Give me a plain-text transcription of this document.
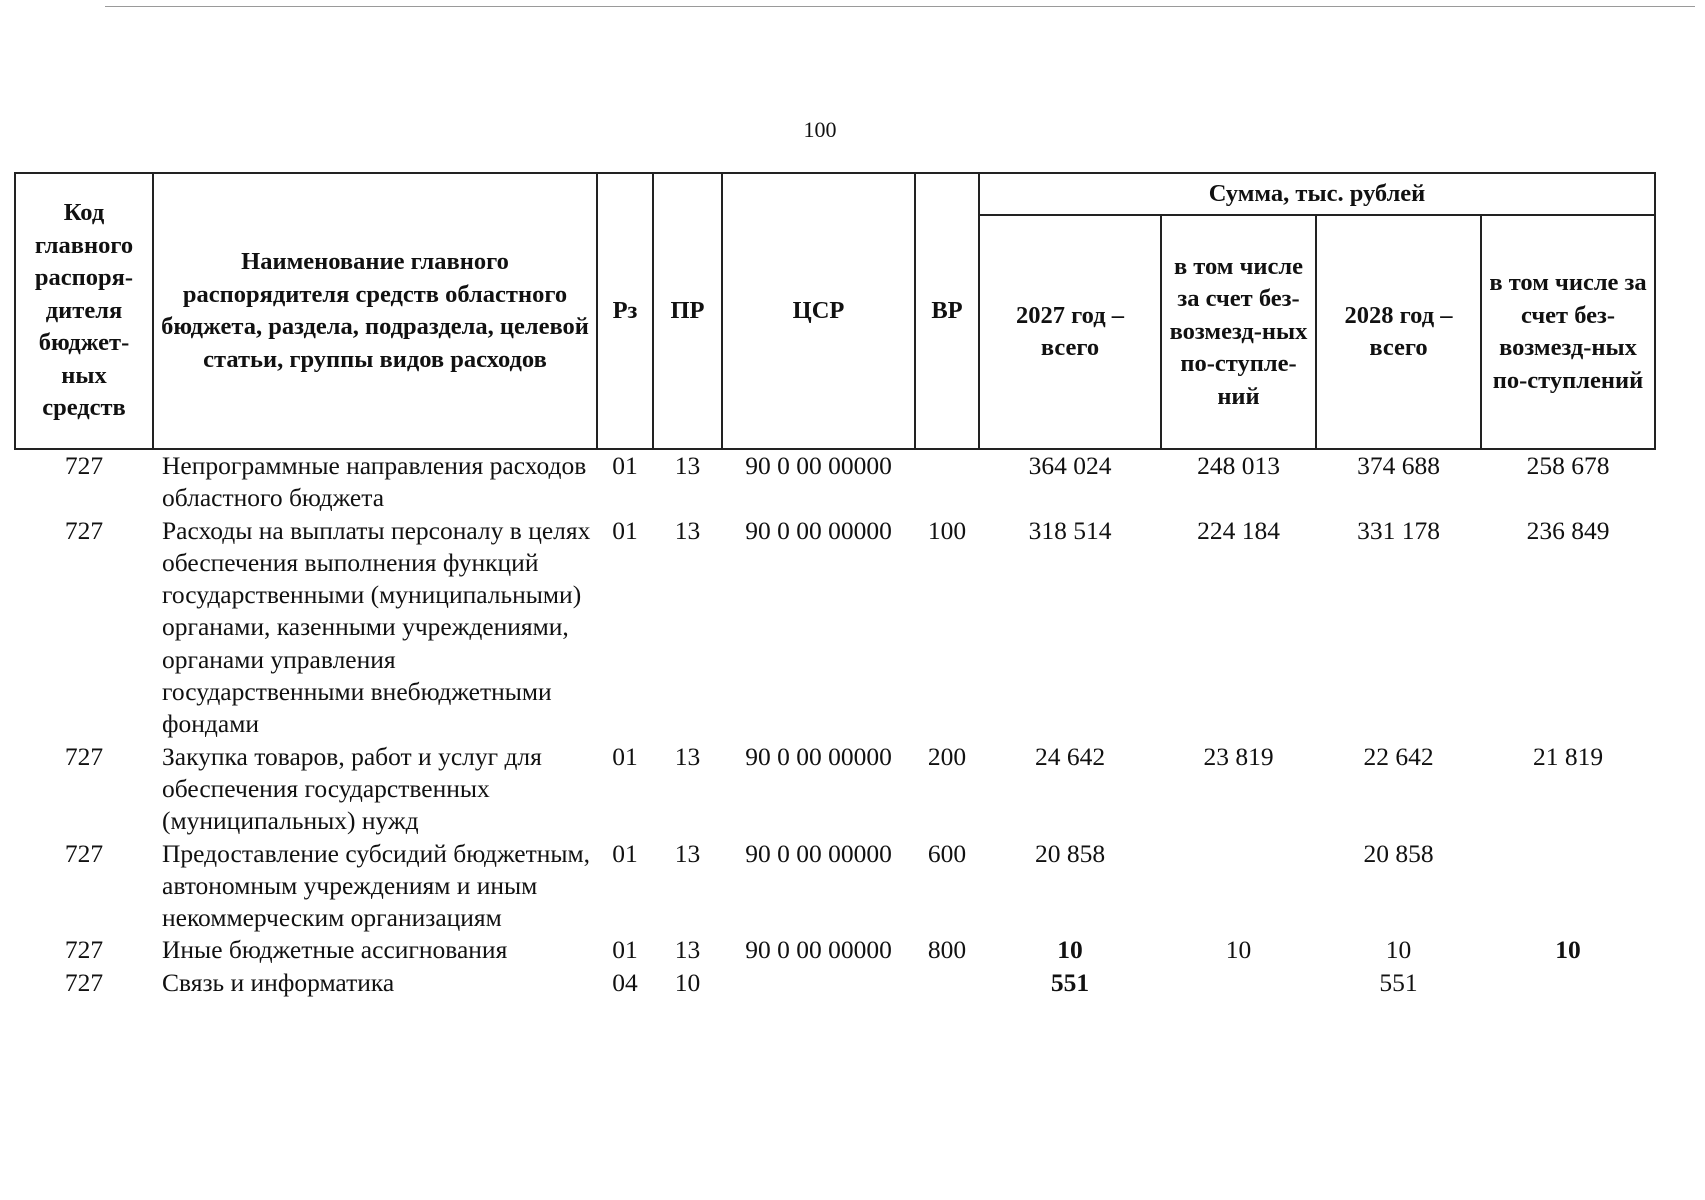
100
Код главного распоря-дителя бюджет-ных средств	Наименование главного распорядителя средств областного бюджета, раздела, подраздела, целевой статьи, группы видов расходов	Рз	ПР	ЦСР	ВР	Сумма, тыс. рублей			
						2027 год – всего	в том числе за счет без-возмезд-ных по-ступле-ний	2028 год – всего	в том числе за счет без-возмезд-ных по-ступлений
727	Непрограммные направления расходов областного бюджета	01	13	90 0 00 00000		364 024	248 013	374 688	258 678
727	Расходы на выплаты персоналу в целях обеспечения выполнения функций государственными (муниципальными) органами, казенными учреждениями, органами управления государственными внебюджетными фондами	01	13	90 0 00 00000	100	318 514	224 184	331 178	236 849
727	Закупка товаров, работ и услуг для обеспечения государственных (муниципальных) нужд	01	13	90 0 00 00000	200	24 642	23 819	22 642	21 819
727	Предоставление субсидий бюджетным, автономным учреждениям и иным некоммерческим организациям	01	13	90 0 00 00000	600	20 858		20 858	
727	Иные бюджетные ассигнования	01	13	90 0 00 00000	800	10	10	10	10
727	Связь и информатика	04	10			551		551	
